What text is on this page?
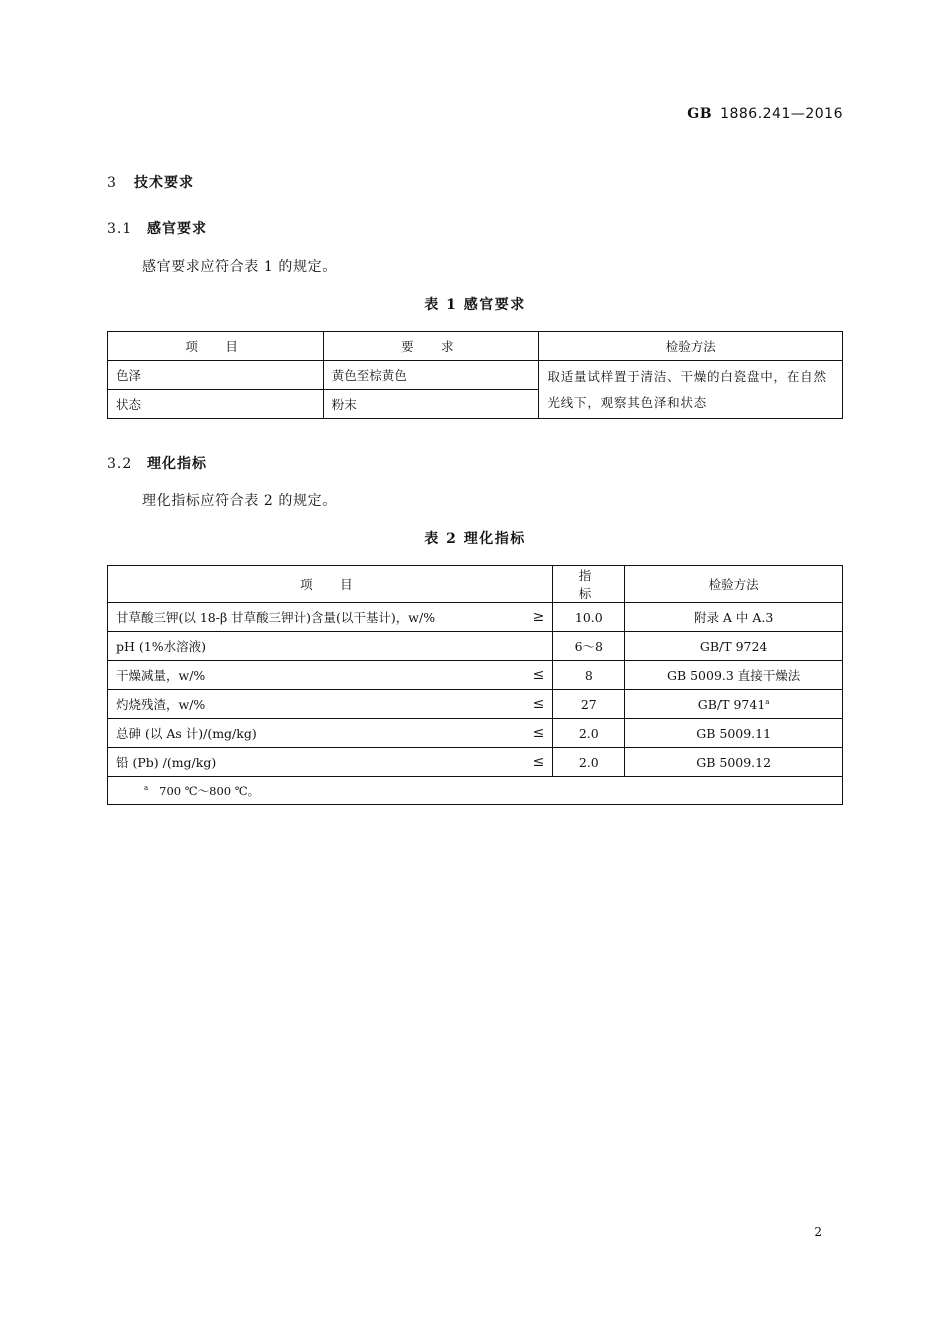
GB 1886.241—2016
3 技术要求
3.1 感官要求
感官要求应符合表 1 的规定。
表 1 感官要求
项　目	要　求	检验方法
色泽	黄色至棕黄色	取适量试样置于清洁、干燥的白瓷盘中，在自然光线下，观察其色泽和状态
状态	粉末	
3.2 理化指标
理化指标应符合表 2 的规定。
表 2 理化指标
项　目	指　标	检验方法

甘草酸三钾(以 18-β 甘草酸三钾计)含量(以干基计)，w/% ≥	10.0	附录 A 中 A.3

pH (1%水溶液)	6～8	GB/T 9724

干燥减量，w/% ≤	8	GB 5009.3 直接干燥法

灼烧残渣，w/% ≤	27	GB/T 9741$^a$

总砷 (以 As 计)/(mg/kg) ≤	2.0	GB 5009.11

铅 (Pb) /(mg/kg) ≤	2.0	GB 5009.12
$^a$ 700 ℃～800 ℃。		
2
